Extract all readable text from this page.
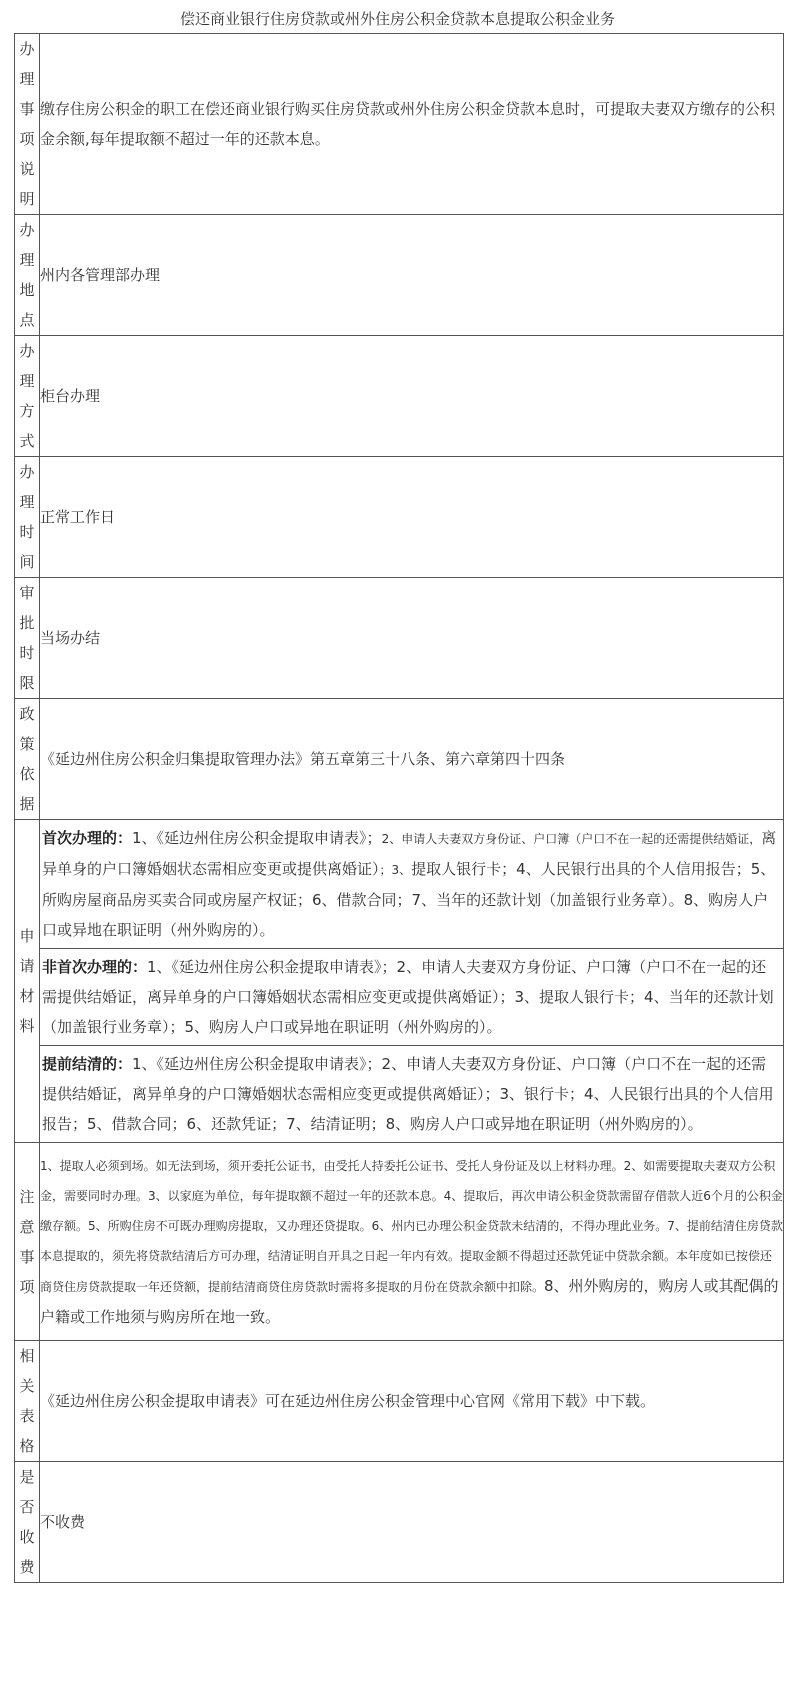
偿还商业银行住房贷款或州外住房公积金贷款本息提取公积金业务
办理事项说明	缴存住房公积金的职工在偿还商业银行购买住房贷款或州外住房公积金贷款本息时，可提取夫妻双方缴存的公积金余额,每年提取额不超过一年的还款本息。

办理地点	州内各管理部办理

办理方式	柜台办理

办理时间	正常工作日

审批时限	当场办结

政策依据	《延边州住房公积金归集提取管理办法》第五章第三十八条、第六章第四十四条

申请材料	首次办理的：1、《延边州住房公积金提取申请表》；2、申请人夫妻双方身份证、户口簿（户口不在一起的还需提供结婚证，离异单身的户口簿婚姻状态需相应变更或提供离婚证）；3、提取人银行卡；4、人民银行出具的个人信用报告；5、所购房屋商品房买卖合同或房屋产权证；6、借款合同；7、当年的还款计划（加盖银行业务章）。8、购房人户口或异地在职证明（州外购房的）。
非首次办理的：1、《延边州住房公积金提取申请表》；2、申请人夫妻双方身份证、户口簿（户口不在一起的还需提供结婚证，离异单身的户口簿婚姻状态需相应变更或提供离婚证）；3、提取人银行卡；4、当年的还款计划（加盖银行业务章）；5、购房人户口或异地在职证明（州外购房的）。
提前结清的：1、《延边州住房公积金提取申请表》；2、申请人夫妻双方身份证、户口簿（户口不在一起的还需提供结婚证，离异单身的户口簿婚姻状态需相应变更或提供离婚证）；3、银行卡；4、人民银行出具的个人信用报告；5、借款合同；6、还款凭证；7、结清证明；8、购房人户口或异地在职证明（州外购房的）。

注意事项	1、提取人必须到场。如无法到场，须开委托公证书，由受托人持委托公证书、受托人身份证及以上材料办理。2、如需要提取夫妻双方公积金，需要同时办理。3、以家庭为单位，每年提取额不超过一年的还款本息。4、提取后，再次申请公积金贷款需留存借款人近6个月的公积金缴存额。5、所购住房不可既办理购房提取，又办理还贷提取。6、州内已办理公积金贷款未结清的，不得办理此业务。7、提前结清住房贷款本息提取的，须先将贷款结清后方可办理，结清证明自开具之日起一年内有效。提取金额不得超过还款凭证中贷款余额。本年度如已按偿还商贷住房贷款提取一年还贷额，提前结清商贷住房贷款时需将多提取的月份在贷款余额中扣除。8、州外购房的，购房人或其配偶的户籍或工作地须与购房所在地一致。

相关表格	《延边州住房公积金提取申请表》可在延边州住房公积金管理中心官网《常用下载》中下载。

是否收费	不收费
